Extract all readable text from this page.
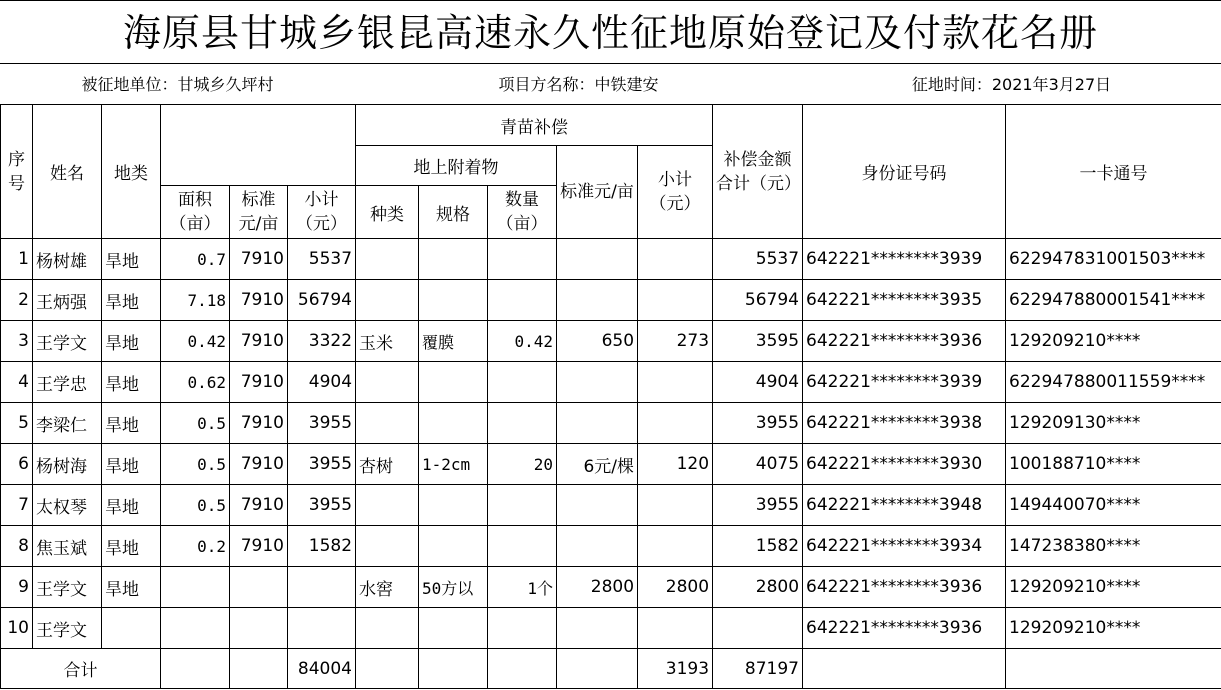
海原县甘城乡银昆高速永久性征地原始登记及付款花名册
被征地单位：甘城乡久坪村	项目方名称：中铁建安	征地时间：2021年3月27日
序号	姓名	地类				青苗补偿					补偿金额合计（元）	身份证号码	一卡通号
						地上附着物			标准元/亩	小计（元）			
			面积（亩）	标准元/亩	小计（元）	种类	规格	数量（亩）					
1	杨树雄	旱地	0.7	7910	5537						5537	642221********3939	622947831001503****
2	王炳强	旱地	7.18	7910	56794						56794	642221********3935	622947880001541****
3	王学文	旱地	0.42	7910	3322	玉米	覆膜	0.42	650	273	3595	642221********3936	129209210****
4	王学忠	旱地	0.62	7910	4904						4904	642221********3939	622947880011559****
5	李梁仁	旱地	0.5	7910	3955						3955	642221********3938	129209130****
6	杨树海	旱地	0.5	7910	3955	杏树	1-2cm	20	6元/棵	120	4075	642221********3930	100188710****
7	太权琴	旱地	0.5	7910	3955						3955	642221********3948	149440070****
8	焦玉斌	旱地	0.2	7910	1582						1582	642221********3934	147238380****
9	王学文	旱地				水窖	50方以	1个	2800	2800	2800	642221********3936	129209210****
10	王学文											642221********3936	129209210****
合计					84004					3193	87197		
